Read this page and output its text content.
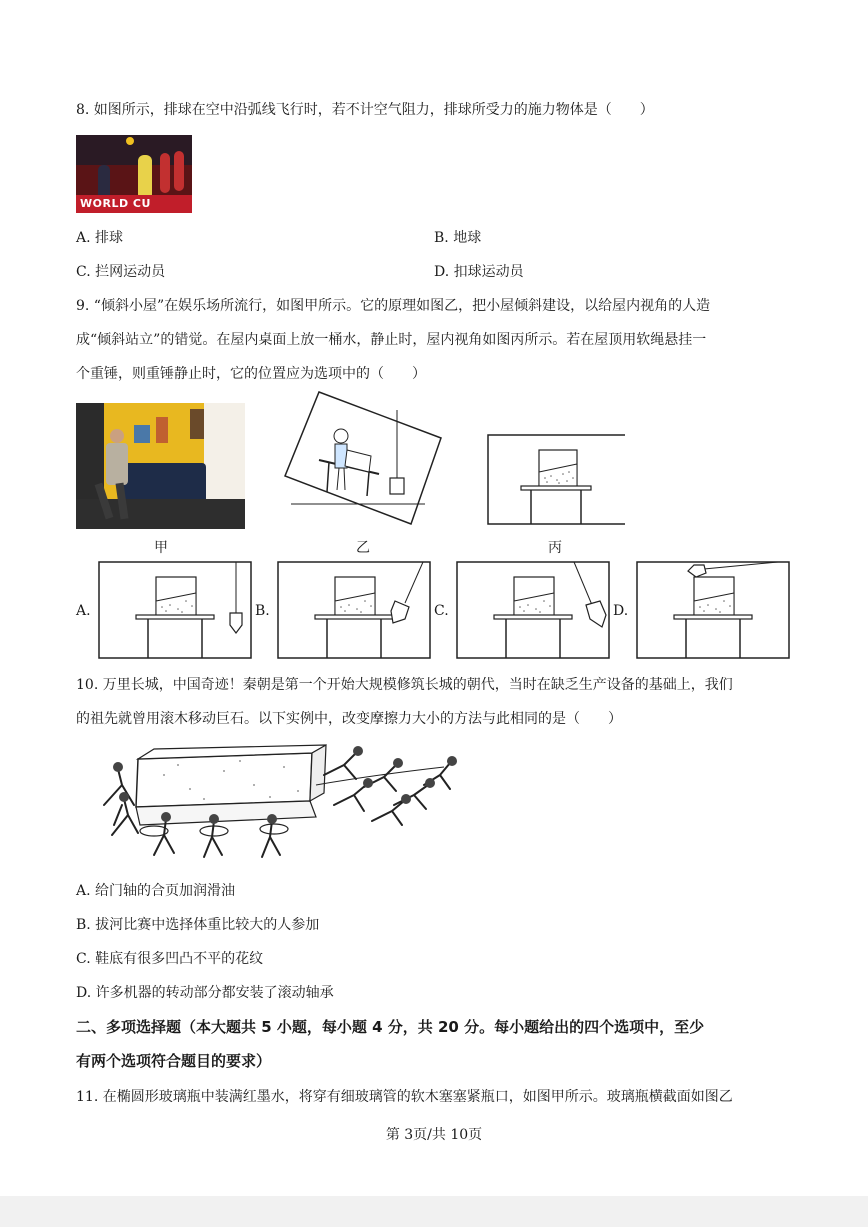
8. 如图所示，排球在空中沿弧线飞行时，若不计空气阻力，排球所受力的施力物体是（　　）
WORLD CU
A. 排球	B. 地球
C. 拦网运动员	D. 扣球运动员
9. “倾斜小屋”在娱乐场所流行，如图甲所示。它的原理如图乙，把小屋倾斜建设，以给屋内视角的人造
成“倾斜站立”的错觉。在屋内桌面上放一桶水，静止时，屋内视角如图丙所示。若在屋顶用软绳悬挂一
个重锤，则重锤静止时，它的位置应为选项中的（　　）
甲	乙	丙
A.	B.	C.	D.
10. 万里长城，中国奇迹！秦朝是第一个开始大规模修筑长城的朝代，当时在缺乏生产设备的基础上，我们
的祖先就曾用滚木移动巨石。以下实例中，改变摩擦力大小的方法与此相同的是（　　）
A. 给门轴的合页加润滑油
B. 拔河比赛中选择体重比较大的人参加
C. 鞋底有很多凹凸不平的花纹
D. 许多机器的转动部分都安装了滚动轴承
二、多项选择题（本大题共 5 小题，每小题 4 分，共 20 分。每小题给出的四个选项中，至少
有两个选项符合题目的要求）
11. 在椭圆形玻璃瓶中装满红墨水，将穿有细玻璃管的软木塞塞紧瓶口，如图甲所示。玻璃瓶横截面如图乙
第 3页/共 10页
